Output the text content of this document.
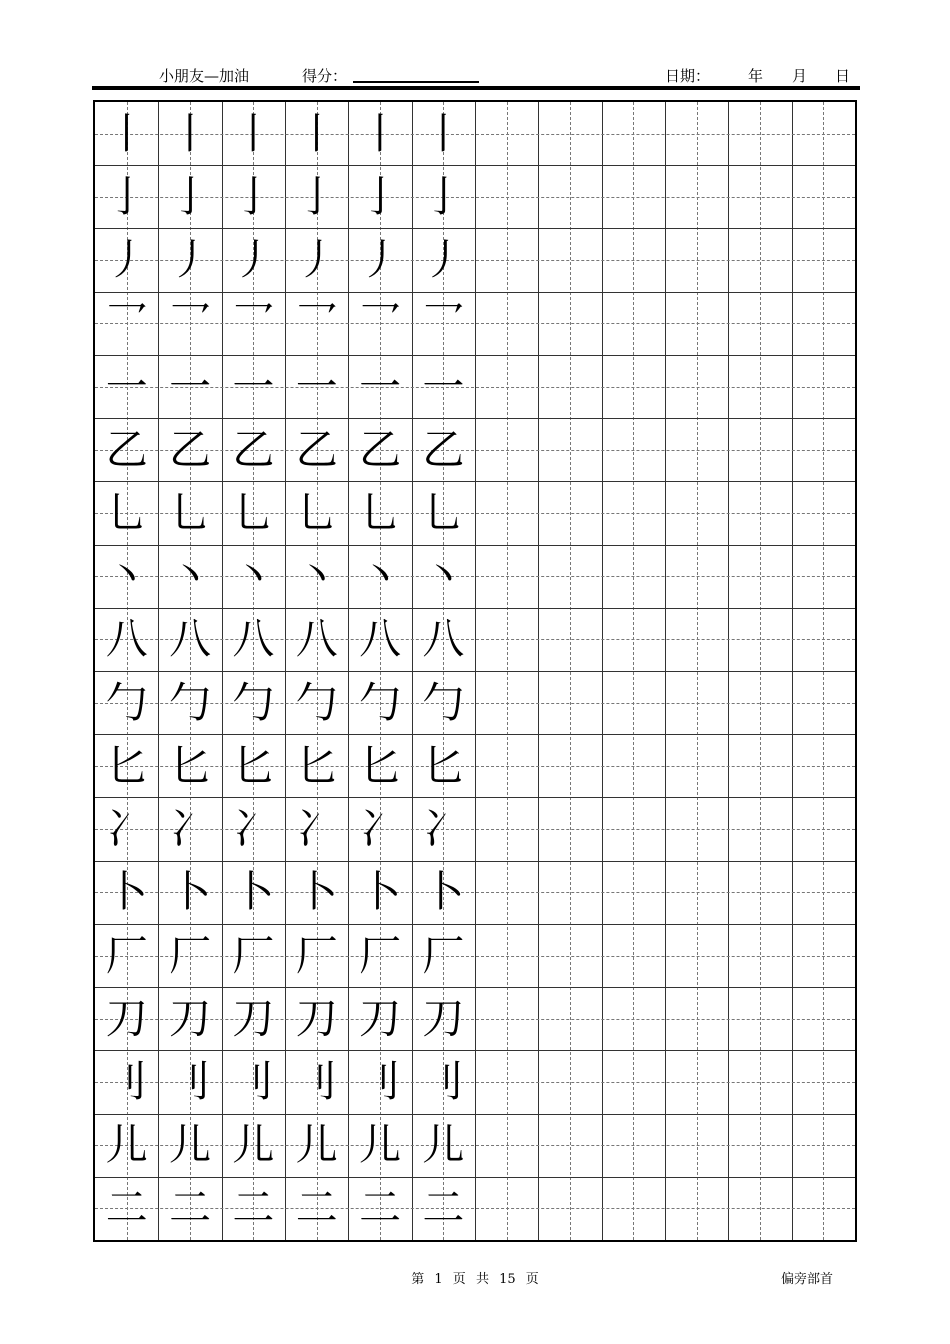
小朋友—加油	得分：	日期：	年 月 日
丨 丨 丨 丨 丨 丨
亅 亅 亅 亅 亅 亅
丿 丿 丿 丿 丿 丿
乛 乛 乛 乛 乛 乛
一 一 一 一 一 一
乙 乙 乙 乙 乙 乙
乚 乚 乚 乚 乚 乚
丶 丶 丶 丶 丶 丶
八 八 八 八 八 八
勹 勹 勹 勹 勹 勹
匕 匕 匕 匕 匕 匕
冫 冫 冫 冫 冫 冫
卜 卜 卜 卜 卜 卜
厂 厂 厂 厂 厂 厂
刀 刀 刀 刀 刀 刀
刂 刂 刂 刂 刂 刂
儿 儿 儿 儿 儿 儿
二 二 二 二 二 二
第 1 页 共 15 页	偏旁部首
